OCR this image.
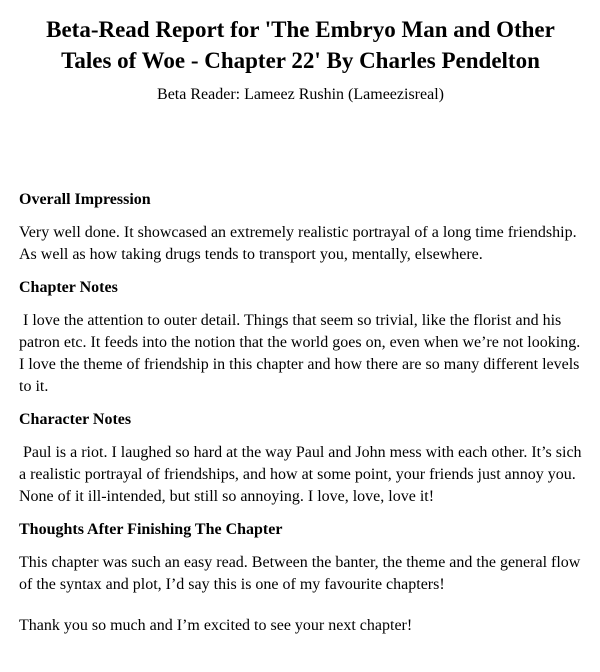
Beta-Read Report for 'The Embryo Man and Other Tales of Woe - Chapter 22' By Charles Pendelton

Beta Reader: Lameez Rushin (Lameezisreal)

Overall Impression

Very well done. It showcased an extremely realistic portrayal of a long time friendship. As well as how taking drugs tends to transport you, mentally, elsewhere.

Chapter Notes

I love the attention to outer detail. Things that seem so trivial, like the florist and his patron etc. It feeds into the notion that the world goes on, even when we’re not looking. I love the theme of friendship in this chapter and how there are so many different levels to it.

Character Notes

Paul is a riot. I laughed so hard at the way Paul and John mess with each other. It’s sich a realistic portrayal of friendships, and how at some point, your friends just annoy you. None of it ill-intended, but still so annoying. I love, love, love it!

Thoughts After Finishing The Chapter

This chapter was such an easy read. Between the banter, the theme and the general flow of the syntax and plot, I’d say this is one of my favourite chapters!

Thank you so much and I’m excited to see your next chapter!
